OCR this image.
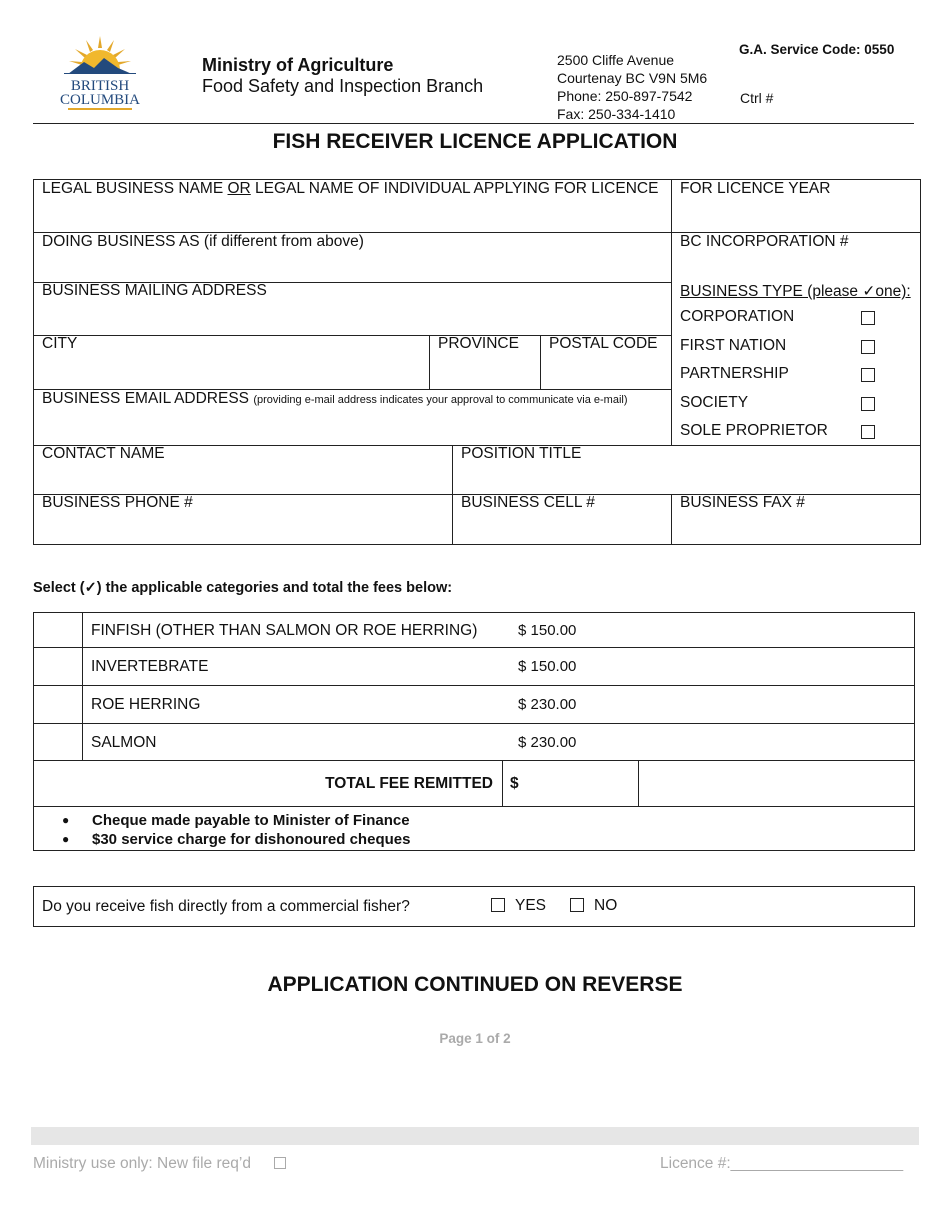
BRITISH
COLUMBIA
Ministry of Agriculture
Food Safety and Inspection Branch
2500 Cliffe Avenue
Courtenay BC V9N 5M6
Phone: 250-897-7542
Fax: 250-334-1410
G.A. Service Code: 0550
Ctrl #
FISH RECEIVER LICENCE APPLICATION
LEGAL BUSINESS NAME OR LEGAL NAME OF INDIVIDUAL APPLYING FOR LICENCE	FOR LICENCE YEAR
DOING BUSINESS AS (if different from above)	BC INCORPORATION #
BUSINESS MAILING ADDRESS
CITY	PROVINCE	POSTAL CODE
BUSINESS EMAIL ADDRESS (providing e-mail address indicates your approval to communicate via e-mail)
BUSINESS TYPE (please ✓one):
CORPORATION
FIRST NATION
PARTNERSHIP
SOCIETY
SOLE PROPRIETOR
CONTACT NAME	POSITION TITLE
BUSINESS PHONE #	BUSINESS CELL #	BUSINESS FAX #
Select (✓) the applicable categories and total the fees below:
FINFISH (OTHER THAN SALMON OR ROE HERRING)	$ 150.00
INVERTEBRATE	$ 150.00
ROE HERRING	$ 230.00
SALMON	$ 230.00
TOTAL FEE REMITTED $
● Cheque made payable to Minister of Finance
● $30 service charge for dishonoured cheques
Do you receive fish directly from a commercial fisher?	YES	NO
APPLICATION CONTINUED ON REVERSE
Page 1 of 2
Ministry use only: New file req’d	Licence #:____________________
